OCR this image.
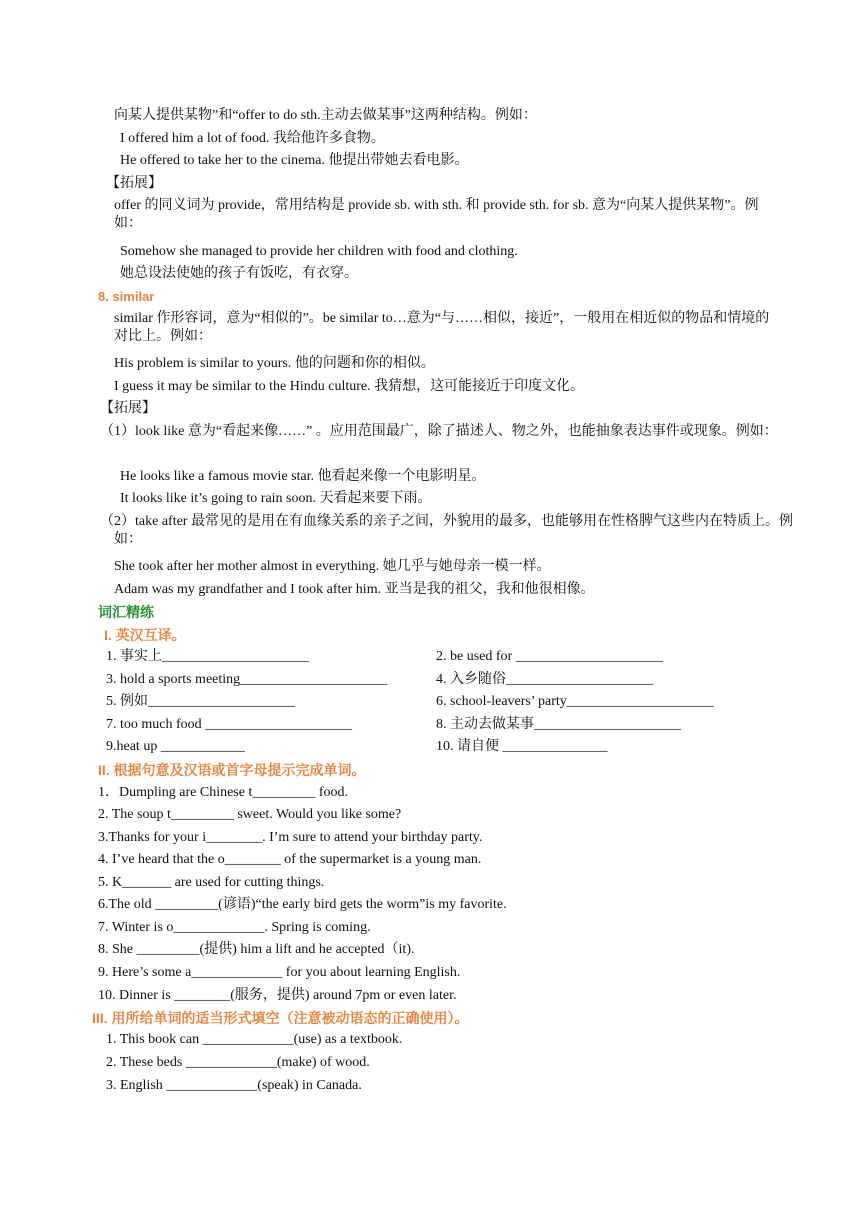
向某人提供某物”和“offer to do sth.主动去做某事”这两种结构。例如：
I offered him a lot of food. 我给他许多食物。
He offered to take her to the cinema. 他提出带她去看电影。
【拓展】
offer 的同义词为 provide，常用结构是 provide sb. with sth. 和 provide sth. for sb. 意为“向某人提供某物”。例如：
Somehow she managed to provide her children with food and clothing.
她总设法使她的孩子有饭吃，有衣穿。
8. similar
similar 作形容词，意为“相似的”。be similar to…意为“与……相似，接近”，一般用在相近似的物品和情境的对比上。例如：
His problem is similar to yours. 他的问题和你的相似。
I guess it may be similar to the Hindu culture. 我猜想，这可能接近于印度文化。
【拓展】
（1）look like 意为“看起来像……” 。应用范围最广，除了描述人、物之外，也能抽象表达事件或现象。例如：
He looks like a famous movie star. 他看起来像一个电影明星。
It looks like it’s going to rain soon. 天看起来要下雨。
（2）take after 最常见的是用在有血缘关系的亲子之间，外貌用的最多，也能够用在性格脾气这些内在特质上。例如：
She took after her mother almost in everything. 她几乎与她母亲一模一样。
Adam was my grandfather and I took after him. 亚当是我的祖父，我和他很相像。
词汇精练
I. 英汉互译。
1. 事实上_____________________	2. be used for _____________________
3. hold a sports meeting_____________________	4. 入乡随俗_____________________
5. 例如_____________________	6. school-leavers’ party_____________________
7. too much food _____________________	8. 主动去做某事_____________________
9.heat up ____________	10. 请自便 _______________
II. 根据句意及汉语或首字母提示完成单词。
1．Dumpling are Chinese t_________ food.
2. The soup t_________ sweet. Would you like some?
3.Thanks for your i________. I’m sure to attend your birthday party.
4. I’ve heard that the o________ of the supermarket is a young man.
5. K_______ are used for cutting things.
6.The old _________(谚语)“the early bird gets the worm”is my favorite.
7. Winter is o_____________. Spring is coming.
8. She _________(提供) him a lift and he accepted（it).
9. Here’s some a_____________ for you about learning English.
10. Dinner is ________(服务，提供) around 7pm or even later.
III. 用所给单词的适当形式填空（注意被动语态的正确使用）。
1. This book can _____________(use) as a textbook.
2. These beds _____________(make) of wood.
3. English _____________(speak) in Canada.
